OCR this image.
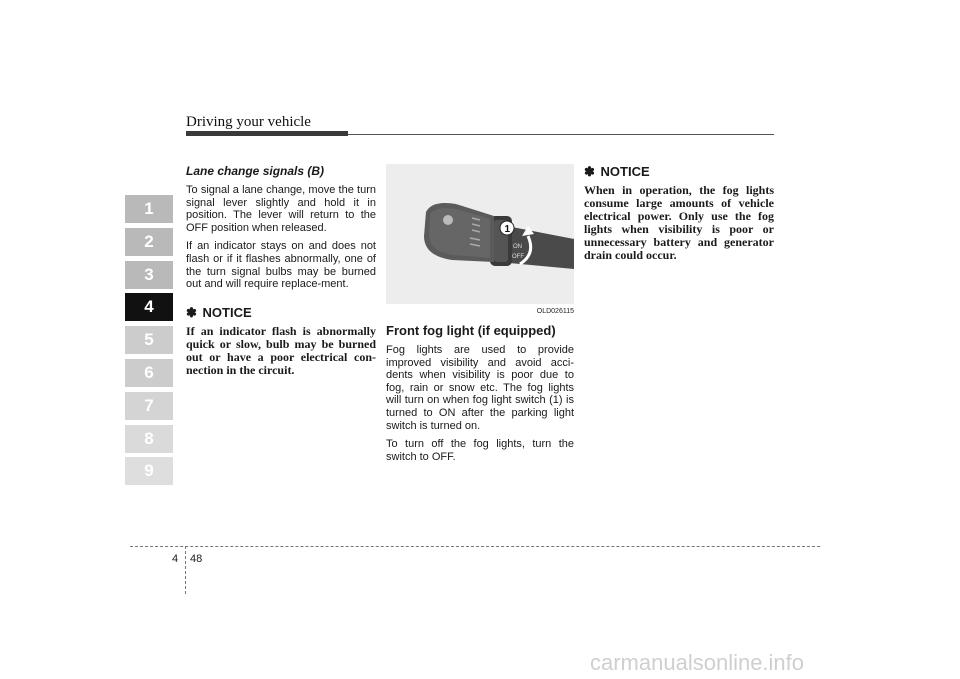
Driving your vehicle
1
2
3
4
5
6
7
8
9

Lane change signals (B)

To signal a lane change, move the turn signal lever slightly and hold it in position. The lever will return to the OFF position when released.

If an indicator stays on and does not flash or if it flashes abnormally, one of the turn signal bulbs may be burned out and will require replace-ment.

✽ NOTICE

If an indicator flash is abnormally quick or slow, bulb may be burned out or have a poor electrical con-nection in the circuit.

ON
OFF
1
OLD026115

Front fog light (if equipped)

Fog lights are used to provide improved visibility and avoid acci-dents when visibility is poor due to fog, rain or snow etc. The fog lights will turn on when fog light switch (1) is turned to ON after the parking light switch is turned on.

To turn off the fog lights, turn the switch to OFF.

✽ NOTICE

When in operation, the fog lights consume large amounts of vehicle electrical power. Only use the fog lights when visibility is poor or unnecessary battery and generator drain could occur.

4 48
carmanualsonline.info
